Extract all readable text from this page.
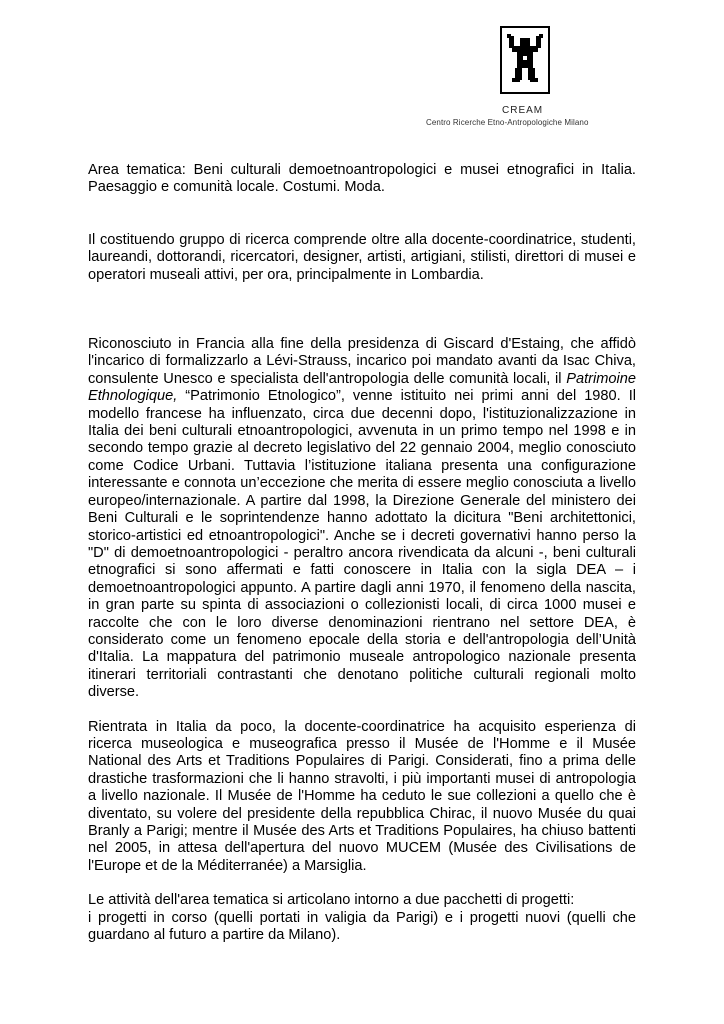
CREAM
Centro Ricerche Etno-Antropologiche Milano

Area tematica: Beni culturali demoetnoantropologici e musei etnografici in Italia. Paesaggio e comunità locale. Costumi. Moda.

Il costituendo gruppo di ricerca comprende oltre alla docente-coordinatrice, studenti, laureandi, dottorandi, ricercatori, designer, artisti, artigiani, stilisti, direttori di musei e operatori museali attivi, per ora, principalmente in Lombardia.

Riconosciuto in Francia alla fine della presidenza di Giscard d'Estaing, che affidò l'incarico di formalizzarlo a Lévi-Strauss, incarico poi mandato avanti da Isac Chiva, consulente Unesco e specialista dell'antropologia delle comunità locali, il Patrimoine Ethnologique, “Patrimonio Etnologico”, venne istituito nei primi anni del 1980. Il modello francese ha influenzato, circa due decenni dopo, l'istituzionalizzazione in Italia dei beni culturali etnoantropologici, avvenuta in un primo tempo nel 1998 e in secondo tempo grazie al decreto legislativo del 22 gennaio 2004, meglio conosciuto come Codice Urbani. Tuttavia l’istituzione italiana presenta una configurazione interessante e connota un’eccezione che merita di essere meglio conosciuta a livello europeo/internazionale. A partire dal 1998, la Direzione Generale del ministero dei Beni Culturali e le soprintendenze hanno adottato la dicitura "Beni architettonici, storico-artistici ed etnoantropologici". Anche se i decreti governativi hanno perso la "D" di demoetnoantropologici - peraltro ancora rivendicata da alcuni -, beni culturali etnografici si sono affermati e fatti conoscere in Italia con la sigla DEA – i demoetnoantropologici appunto. A partire dagli anni 1970, il fenomeno della nascita, in gran parte su spinta di associazioni o collezionisti locali, di circa 1000 musei e raccolte che con le loro diverse denominazioni rientrano nel settore DEA, è considerato come un fenomeno epocale della storia e dell'antropologia dell’Unità d'Italia. La mappatura del patrimonio museale antropologico nazionale presenta itinerari territoriali contrastanti che denotano politiche culturali regionali molto diverse.

Rientrata in Italia da poco, la docente-coordinatrice ha acquisito esperienza di ricerca museologica e museografica presso il Musée de l'Homme e il Musée National des Arts et Traditions Populaires di Parigi. Considerati, fino a prima delle drastiche trasformazioni che li hanno stravolti, i più importanti musei di antropologia a livello nazionale. Il Musée de l'Homme ha ceduto le sue collezioni a quello che è diventato, su volere del presidente della repubblica Chirac, il nuovo Musée du quai Branly a Parigi; mentre il Musée des Arts et Traditions Populaires, ha chiuso battenti nel 2005, in attesa dell'apertura del nuovo MUCEM (Musée des Civilisations de l'Europe et de la Méditerranée) a Marsiglia.

Le attività dell'area tematica si articolano intorno a due pacchetti di progetti:

i progetti in corso (quelli portati in valigia da Parigi) e i progetti nuovi (quelli che guardano al futuro a partire da Milano).
